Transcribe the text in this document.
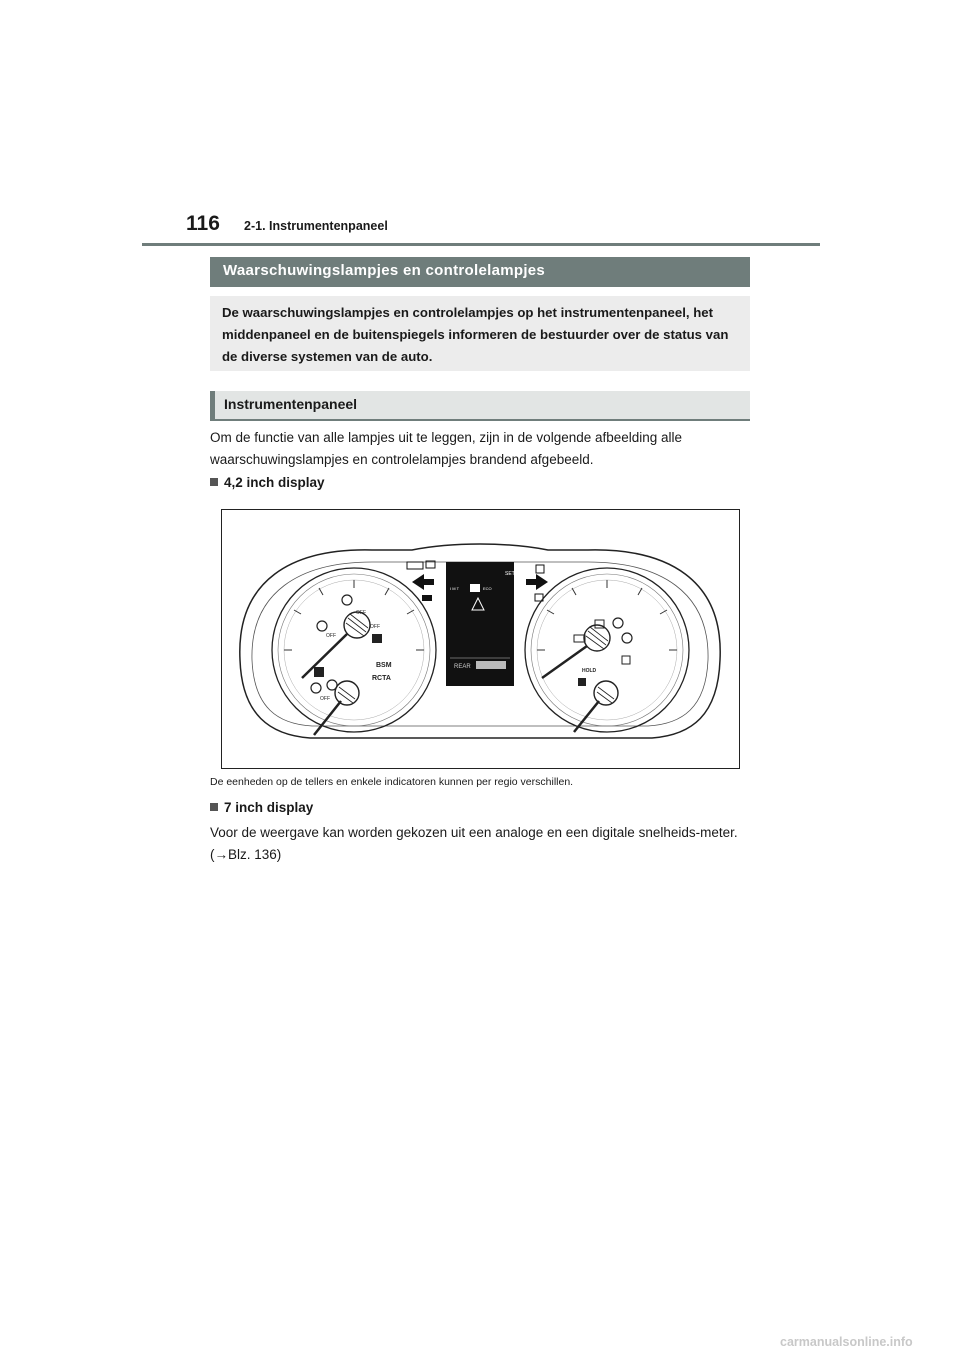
116 2-1. Instrumentenpaneel
Waarschuwingslampjes en controlelampjes
De waarschuwingslampjes en controlelampjes op het instrumentenpaneel, het middenpaneel en de buitenspiegels informeren de bestuurder over de status van de diverse systemen van de auto.
Instrumentenpaneel
Om de functie van alle lampjes uit te leggen, zijn in de volgende afbeelding alle waarschuwingslampjes en controlelampjes brandend afgebeeld.
4,2 inch display
OFF
OFF
OFF
OFF
BSM
RCTA
I M T	ECO
SET
REAR
HOLD
De eenheden op de tellers en enkele indicatoren kunnen per regio verschillen.
7 inch display
Voor de weergave kan worden gekozen uit een analoge en een digitale snelheids-meter. (→Blz. 136)
carmanualsonline.info
